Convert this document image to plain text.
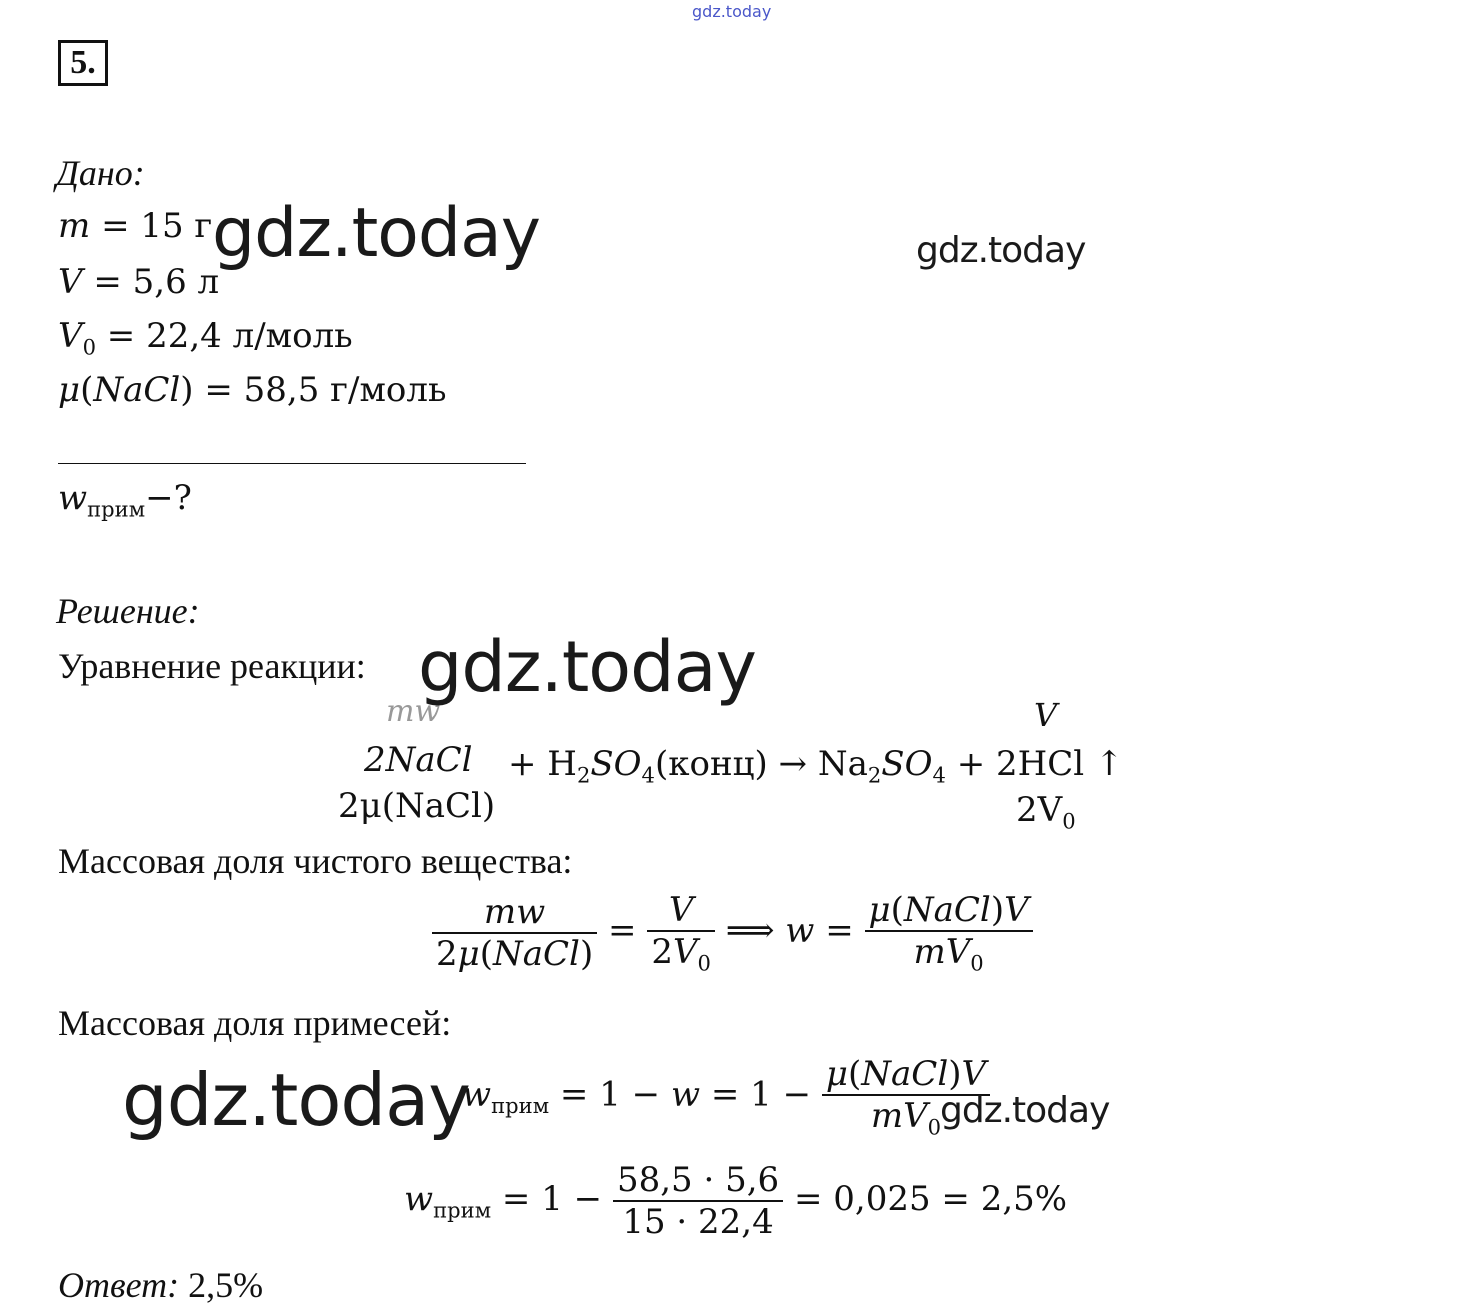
gdz.today
5.
Дано:
m = 15 г
V = 5,6 л
$V_0 = 22,4$ л/моль
μ(NaCl) = 58,5 г/моль
$w_{прим}-$?
Решение:
Уравнение реакции:
mw	V
2NaCl + $H_2SO_4(конц) \to Na_2SO_4 + 2HCl$ ↑
2μ(NaCl)	$2V_0$
Массовая доля чистого вещества:
$\frac{mw}{\text{2μ(NaCl)}} = \frac{V}{2V_0}$ ⟹ $w = \frac{\text{μ(NaCl)V}}{mV_0}$
Массовая доля примесей:
$w_{прим} = 1 - w = 1 - \frac{\text{μ(NaCl)V}}{mV_0}$
$w_{прим} = 1 - \frac{58,5 \cdot 5,6}{15 \cdot 22,4} = 0,025 = 2,5\%$
Ответ: 2,5%
gdz.today	gdz.today
gdz.today
gdz.today	gdz.today
